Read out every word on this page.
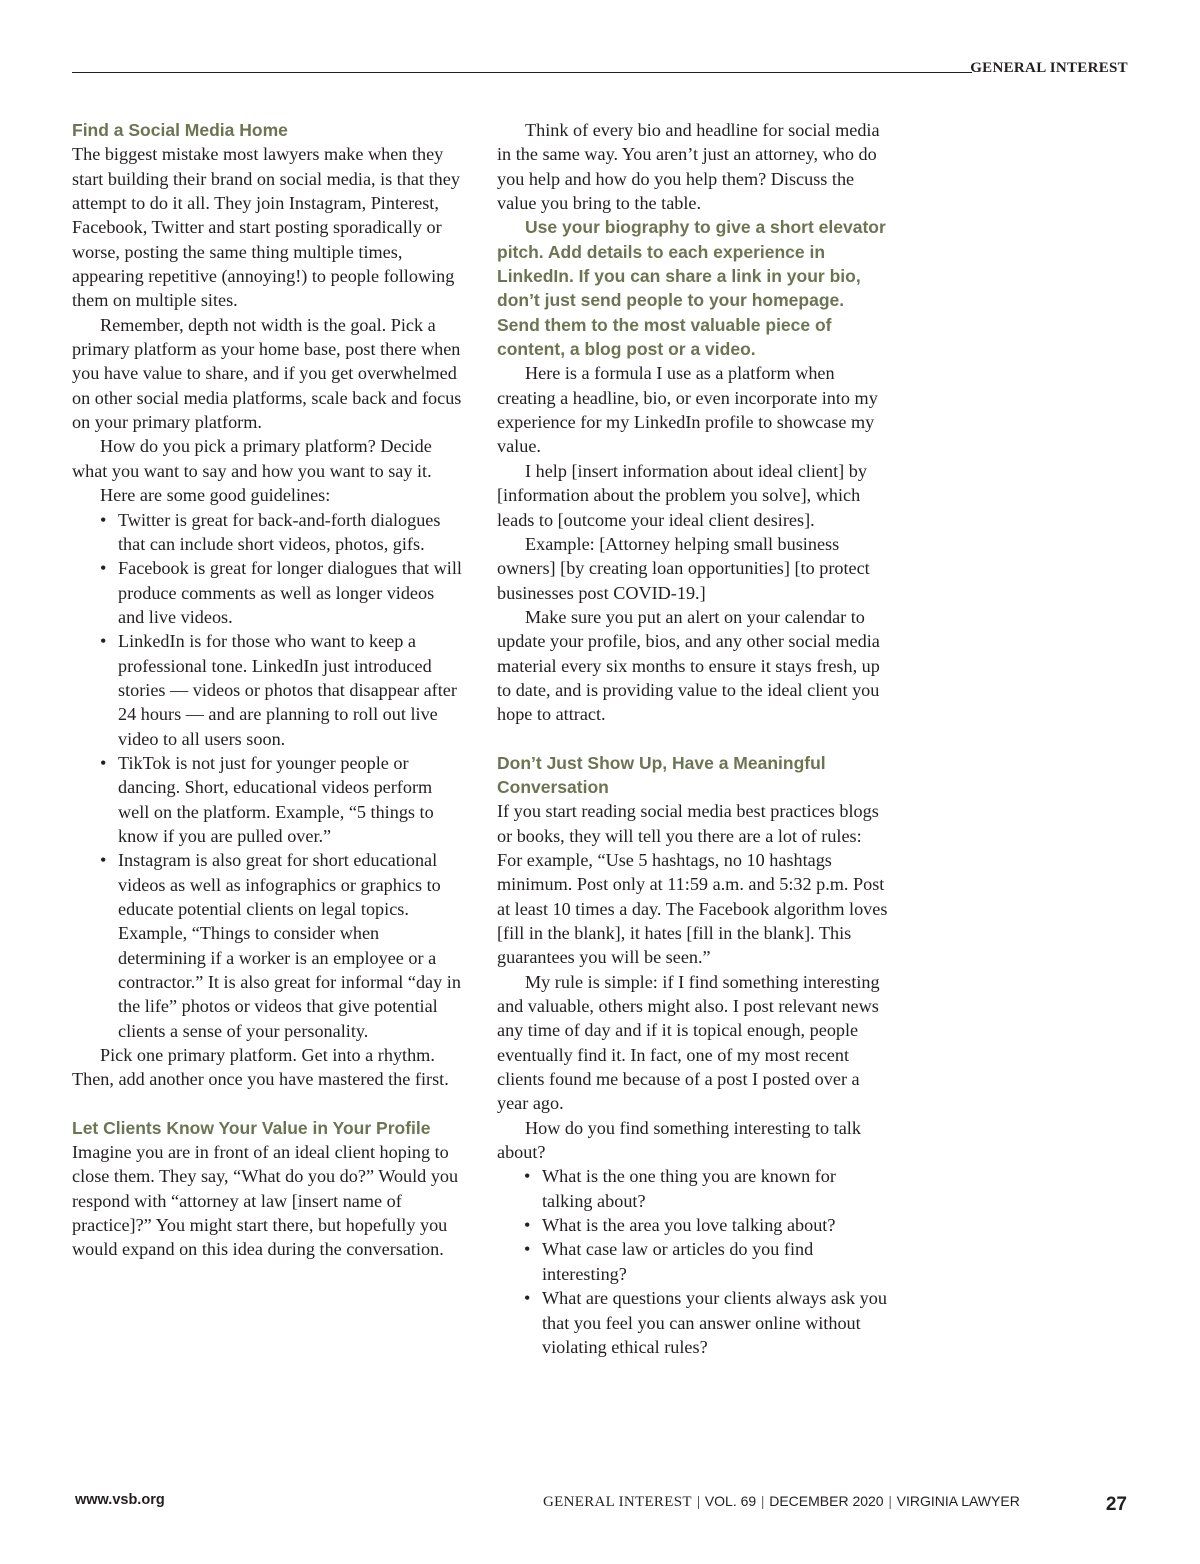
GENERAL INTEREST
Find a Social Media Home

The biggest mistake most lawyers make when they start building their brand on social media, is that they attempt to do it all. They join Instagram, Pinterest, Facebook, Twitter and start posting sporadically or worse, posting the same thing multiple times, appearing repetitive (annoying!) to people following them on multiple sites.

Remember, depth not width is the goal. Pick a primary platform as your home base, post there when you have value to share, and if you get overwhelmed on other social media platforms, scale back and focus on your primary platform.

How do you pick a primary platform? Decide what you want to say and how you want to say it.

Here are some good guidelines:

• Twitter is great for back-and-forth dialogues that can include short videos, photos, gifs.
• Facebook is great for longer dialogues that will produce comments as well as longer videos and live videos.
• LinkedIn is for those who want to keep a professional tone. LinkedIn just introduced stories — videos or photos that disappear after 24 hours — and are planning to roll out live video to all users soon.
• TikTok is not just for younger people or dancing. Short, educational videos perform well on the platform. Example, “5 things to know if you are pulled over.”
• Instagram is also great for short educational videos as well as infographics or graphics to educate potential clients on legal topics. Example, “Things to consider when determining if a worker is an employee or a contractor.” It is also great for informal “day in the life” photos or videos that give potential clients a sense of your personality.

Pick one primary platform. Get into a rhythm. Then, add another once you have mastered the first.

Let Clients Know Your Value in Your Profile

Imagine you are in front of an ideal client hoping to close them. They say, “What do you do?” Would you respond with “attorney at law [insert name of practice]?” You might start there, but hopefully you would expand on this idea during the conversation.

Think of every bio and headline for social media in the same way. You aren’t just an attorney, who do you help and how do you help them? Discuss the value you bring to the table.

Use your biography to give a short elevator pitch. Add details to each experience in LinkedIn. If you can share a link in your bio, don’t just send people to your homepage. Send them to the most valuable piece of content, a blog post or a video.

Here is a formula I use as a platform when creating a headline, bio, or even incorporate into my experience for my LinkedIn profile to showcase my value.

I help [insert information about ideal client] by [information about the problem you solve], which leads to [outcome your ideal client desires].

Example: [Attorney helping small business owners] [by creating loan opportunities] [to protect businesses post COVID-19.]

Make sure you put an alert on your calendar to update your profile, bios, and any other social media material every six months to ensure it stays fresh, up to date, and is providing value to the ideal client you hope to attract.

Don’t Just Show Up, Have a Meaningful Conversation

If you start reading social media best practices blogs or books, they will tell you there are a lot of rules: For example, “Use 5 hashtags, no 10 hashtags minimum. Post only at 11:59 a.m. and 5:32 p.m. Post at least 10 times a day. The Facebook algorithm loves [fill in the blank], it hates [fill in the blank]. This guarantees you will be seen.”

My rule is simple: if I find something interesting and valuable, others might also. I post relevant news any time of day and if it is topical enough, people eventually find it. In fact, one of my most recent clients found me because of a post I posted over a year ago.

How do you find something interesting to talk about?

• What is the one thing you are known for talking about?
• What is the area you love talking about?
• What case law or articles do you find interesting?
• What are questions your clients always ask you that you feel you can answer online without violating ethical rules?
www.vsb.org	GENERAL INTEREST | VOL. 69 | DECEMBER 2020 | VIRGINIA LAWYER	27
